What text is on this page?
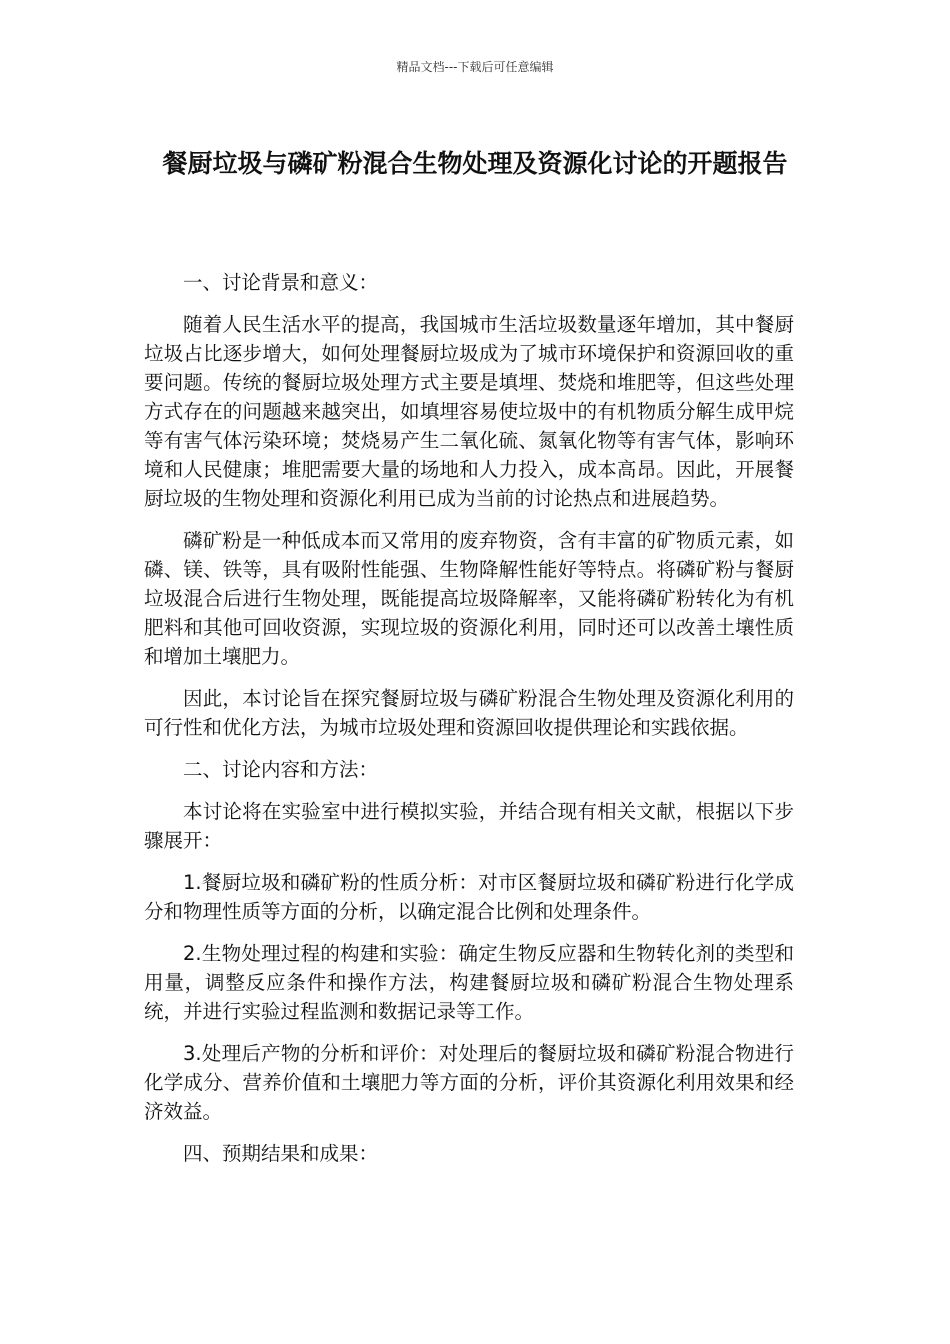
精品文档---下载后可任意编辑
餐厨垃圾与磷矿粉混合生物处理及资源化讨论的开题报告

一、讨论背景和意义：

随着人民生活水平的提高，我国城市生活垃圾数量逐年增加，其中餐厨垃圾占比逐步增大，如何处理餐厨垃圾成为了城市环境保护和资源回收的重要问题。传统的餐厨垃圾处理方式主要是填埋、焚烧和堆肥等，但这些处理方式存在的问题越来越突出，如填埋容易使垃圾中的有机物质分解生成甲烷等有害气体污染环境；焚烧易产生二氧化硫、氮氧化物等有害气体，影响环境和人民健康；堆肥需要大量的场地和人力投入，成本高昂。因此，开展餐厨垃圾的生物处理和资源化利用已成为当前的讨论热点和进展趋势。

磷矿粉是一种低成本而又常用的废弃物资，含有丰富的矿物质元素，如磷、镁、铁等，具有吸附性能强、生物降解性能好等特点。将磷矿粉与餐厨垃圾混合后进行生物处理，既能提高垃圾降解率，又能将磷矿粉转化为有机肥料和其他可回收资源，实现垃圾的资源化利用，同时还可以改善土壤性质和增加土壤肥力。

因此，本讨论旨在探究餐厨垃圾与磷矿粉混合生物处理及资源化利用的可行性和优化方法，为城市垃圾处理和资源回收提供理论和实践依据。

二、讨论内容和方法：

本讨论将在实验室中进行模拟实验，并结合现有相关文献，根据以下步骤展开：

1.餐厨垃圾和磷矿粉的性质分析：对市区餐厨垃圾和磷矿粉进行化学成分和物理性质等方面的分析，以确定混合比例和处理条件。

2.生物处理过程的构建和实验：确定生物反应器和生物转化剂的类型和用量，调整反应条件和操作方法，构建餐厨垃圾和磷矿粉混合生物处理系统，并进行实验过程监测和数据记录等工作。

3.处理后产物的分析和评价：对处理后的餐厨垃圾和磷矿粉混合物进行化学成分、营养价值和土壤肥力等方面的分析，评价其资源化利用效果和经济效益。

四、预期结果和成果：
